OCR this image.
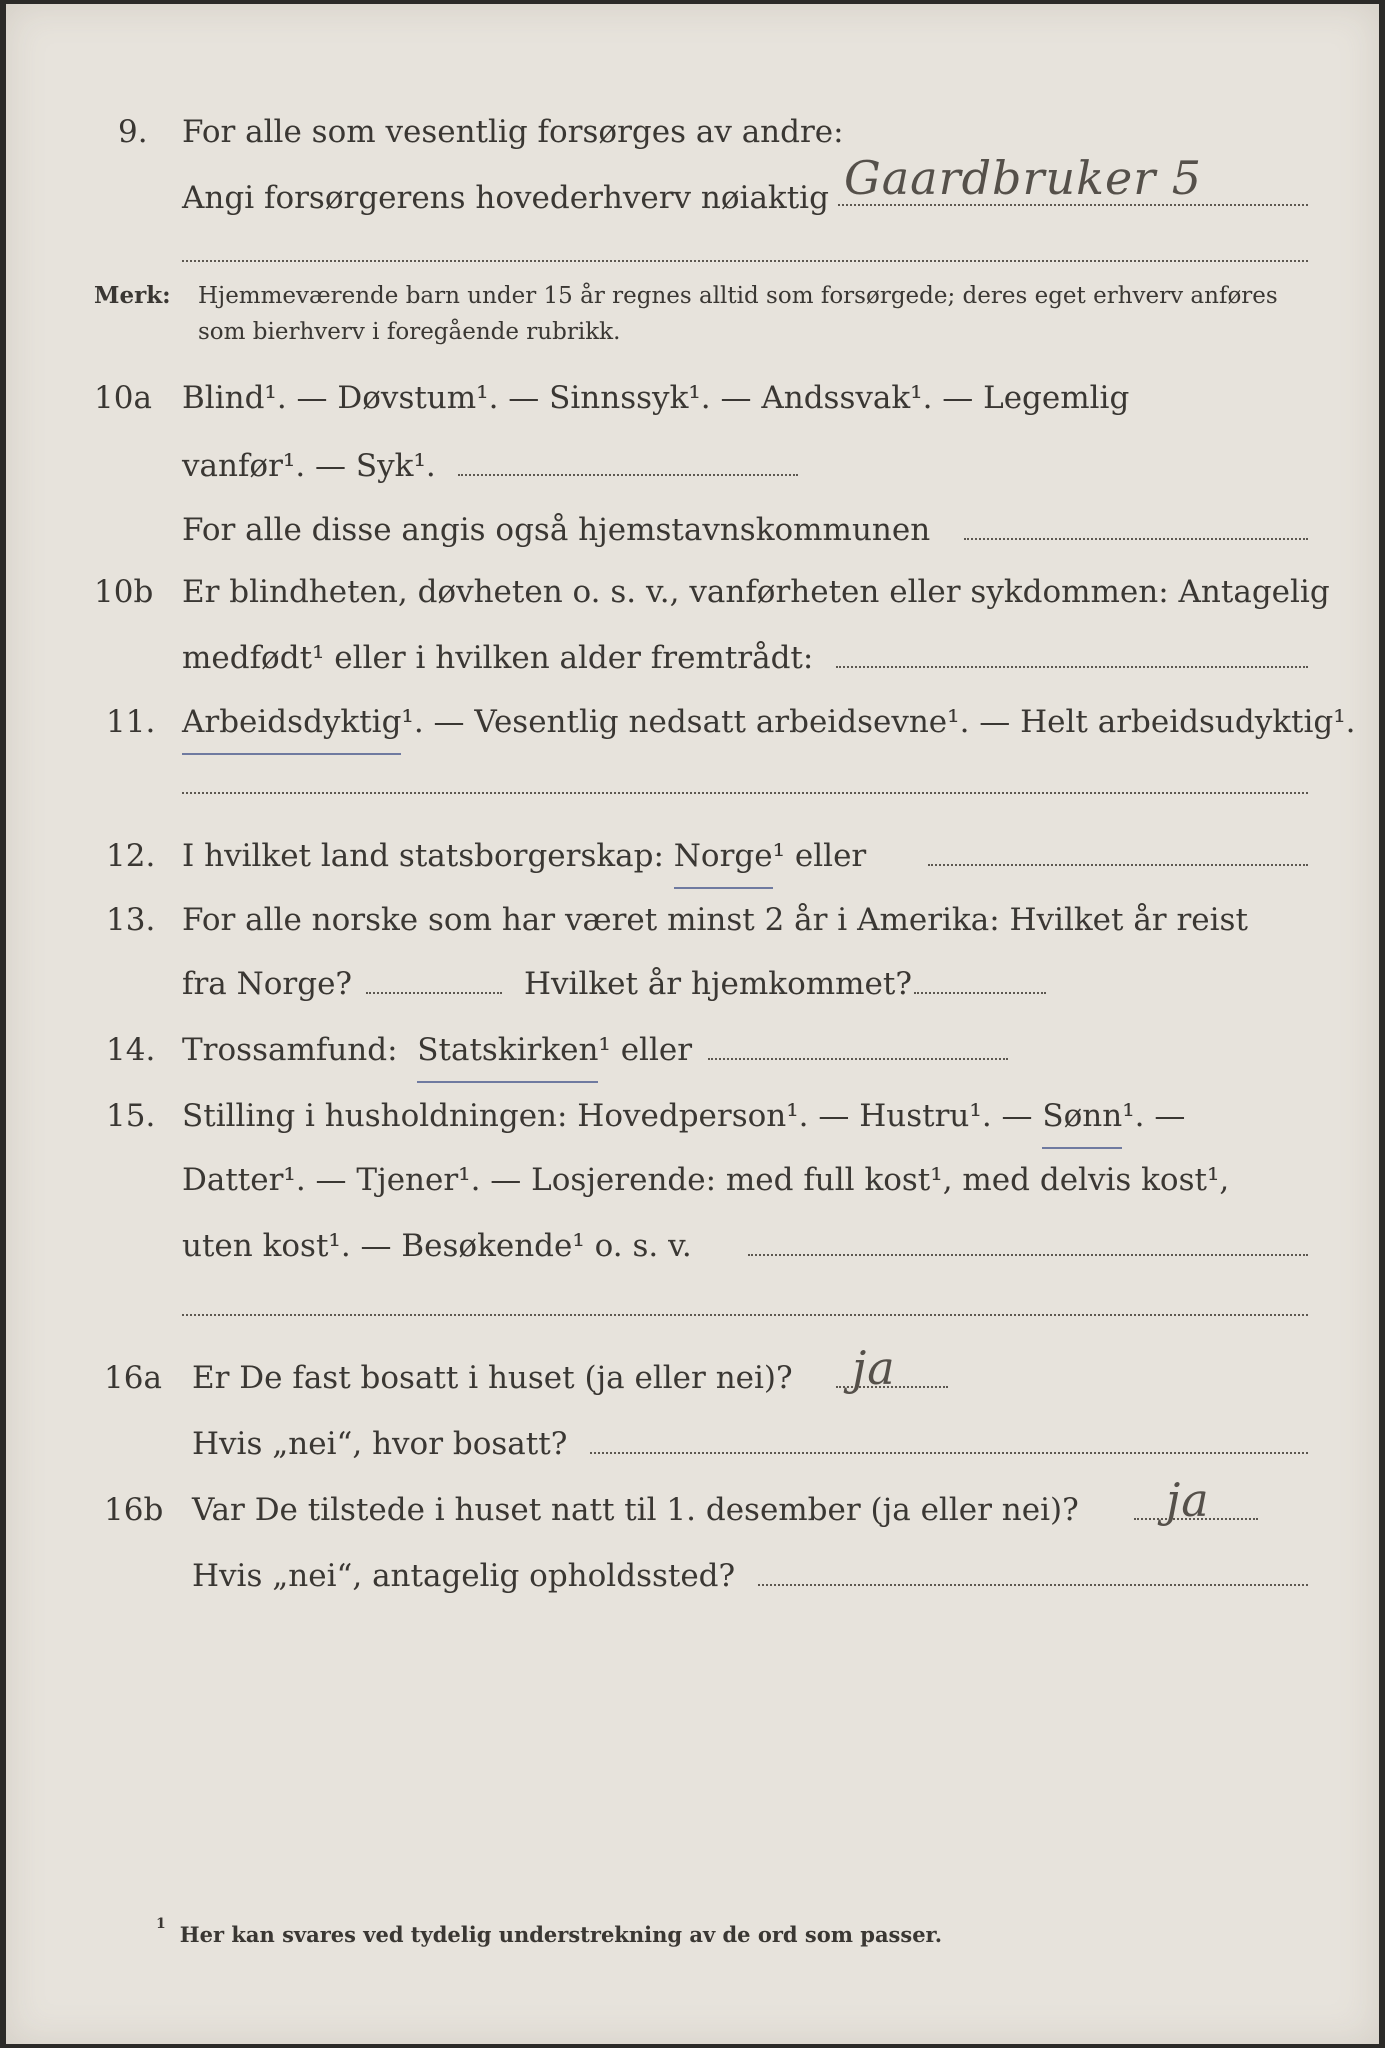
9. For alle som vesentlig forsørges av andre:
Angi forsørgerens hovederhverv nøiaktig Gaardbruker 5
Merk: Hjemmeværende barn under 15 år regnes alltid som forsørgede; deres eget erhverv anføres som bierhverv i foregående rubrikk.
10a Blind¹. — Døvstum¹. — Sinnssyk¹. — Andssvak¹. — Legemlig
vanfør¹. — Syk¹.
For alle disse angis også hjemstavnskommunen
10b Er blindheten, døvheten o. s. v., vanførheten eller sykdommen: Antagelig
medfødt¹ eller i hvilken alder fremtrådt:
11. Arbeidsdyktig ¹. — Vesentlig nedsatt arbeidsevne¹. — Helt arbeidsudyktig¹.
12. I hvilket land statsborgerskap:
Norge ¹ eller
13. For alle norske som har været minst 2 år i Amerika: Hvilket år reist
fra Norge?	Hvilket år hjemkommet?
14. Trossamfund:
Statskirken ¹ eller
15. Stilling i husholdningen: Hovedperson¹. — Hustru¹. —
Sønn ¹. —
Datter¹. — Tjener¹. — Losjerende: med full kost¹, med delvis kost¹,
uten kost¹. — Besøkende¹ o. s. v.
16a Er De fast bosatt i huset (ja eller nei)? ja
Hvis „nei“, hvor bosatt?
16b Var De tilstede i huset natt til 1. desember (ja eller nei)? ja
Hvis „nei“, antagelig opholdssted?
$^1$ Her kan svares ved tydelig understrekning av de ord som passer.
